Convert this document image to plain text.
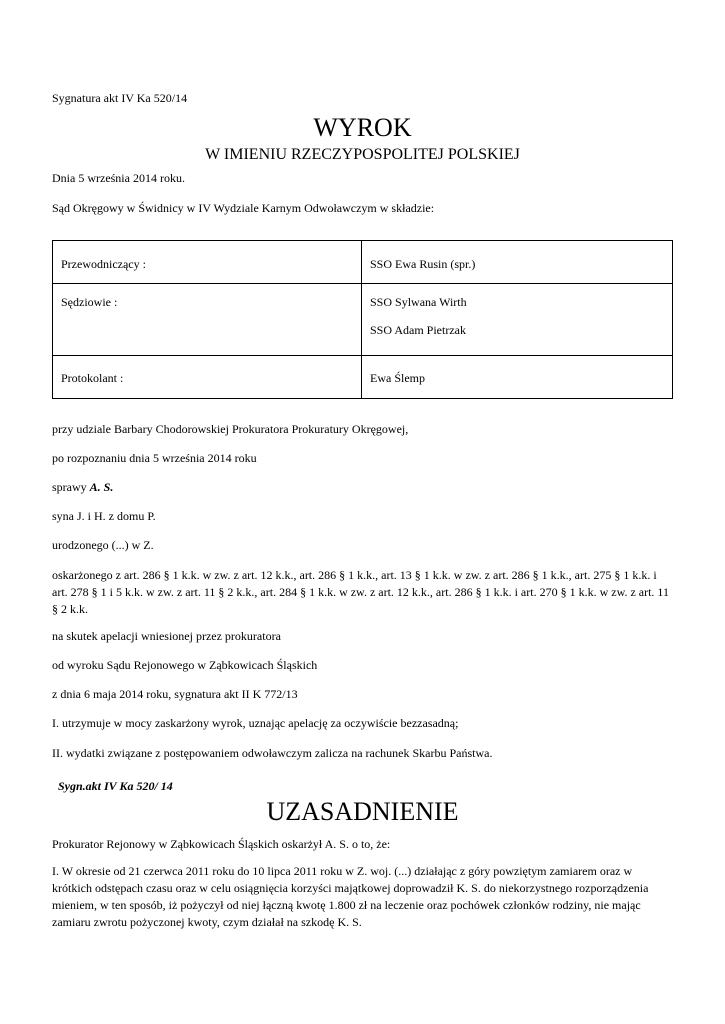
Sygnatura akt IV Ka 520/14
WYROK
W IMIENIU RZECZYPOSPOLITEJ POLSKIEJ
Dnia 5 września 2014 roku.
Sąd Okręgowy w Świdnicy w IV Wydziale Karnym Odwoławczym w składzie:
Przewodniczący :	SSO Ewa Rusin (spr.)
Sędziowie :	SSO Sylwana Wirth
SSO Adam Pietrzak

Protokolant :	Ewa Ślemp
przy udziale Barbary Chodorowskiej Prokuratora Prokuratury Okręgowej,
po rozpoznaniu dnia 5 września 2014 roku
sprawy A. S.
syna J. i H. z domu P.
urodzonego (...) w Z.
oskarżonego z art. 286 § 1 k.k. w zw. z art. 12 k.k., art. 286 § 1 k.k., art. 13 § 1 k.k. w zw. z art. 286 § 1 k.k., art. 275 § 1 k.k. i art. 278 § 1 i 5 k.k. w zw. z art. 11 § 2 k.k., art. 284 § 1 k.k. w zw. z art. 12 k.k., art. 286 § 1 k.k. i art. 270 § 1 k.k. w zw. z art. 11 § 2 k.k.
na skutek apelacji wniesionej przez prokuratora
od wyroku Sądu Rejonowego w Ząbkowicach Śląskich
z dnia 6 maja 2014 roku, sygnatura akt II K 772/13
I. utrzymuje w mocy zaskarżony wyrok, uznając apelację za oczywiście bezzasadną;
II. wydatki związane z postępowaniem odwoławczym zalicza na rachunek Skarbu Państwa.
Sygn.akt IV Ka 520/ 14
UZASADNIENIE
Prokurator Rejonowy w Ząbkowicach Śląskich oskarżył A. S. o to, że:
I. W okresie od 21 czerwca 2011 roku do 10 lipca 2011 roku w Z. woj. (...) działając z góry powziętym zamiarem oraz w krótkich odstępach czasu oraz w celu osiągnięcia korzyści majątkowej doprowadził K. S. do niekorzystnego rozporządzenia mieniem, w ten sposób, iż pożyczył od niej łączną kwotę 1.800 zł na leczenie oraz pochówek członków rodziny, nie mając zamiaru zwrotu pożyczonej kwoty, czym działał na szkodę K. S.
